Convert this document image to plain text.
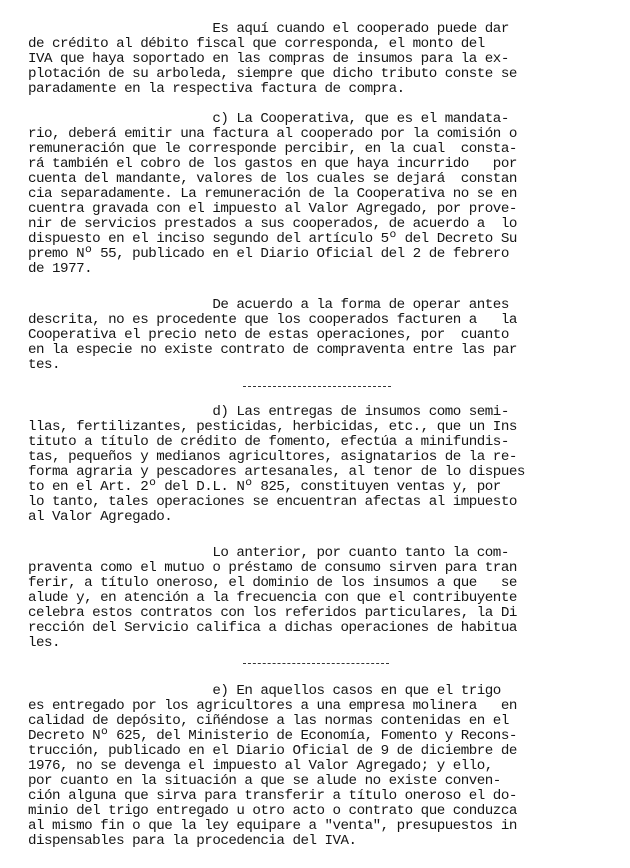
Es aquí cuando el cooperado puede dar
de crédito al débito fiscal que corresponda, el monto del
IVA que haya soportado en las compras de insumos para la ex-
plotación de su arboleda, siempre que dicho tributo conste se
paradamente en la respectiva factura de compra.
c) La Cooperativa, que es el mandata-
rio, deberá emitir una factura al cooperado por la comisión o
remuneración que le corresponde percibir, en la cual  consta-
rá también el cobro de los gastos en que haya incurrido   por
cuenta del mandante, valores de los cuales se dejará  constan
cia separadamente. La remuneración de la Cooperativa no se en
cuentra gravada con el impuesto al Valor Agregado, por prove-
nir de servicios prestados a sus cooperados, de acuerdo a  lo
dispuesto en el inciso segundo del artículo 5º del Decreto Su
premo Nº 55, publicado en el Diario Oficial del 2 de febrero
de 1977.
De acuerdo a la forma de operar antes
descrita, no es procedente que los cooperados facturen a   la
Cooperativa el precio neto de estas operaciones, por  cuanto
en la especie no existe contrato de compraventa entre las par
tes.
d) Las entregas de insumos como semi-
llas, fertilizantes, pesticidas, herbicidas, etc., que un Ins
tituto a título de crédito de fomento, efectúa a minifundis-
tas, pequeños y medianos agricultores, asignatarios de la re-
forma agraria y pescadores artesanales, al tenor de lo dispues
to en el Art. 2º del D.L. Nº 825, constituyen ventas y, por
lo tanto, tales operaciones se encuentran afectas al impuesto
al Valor Agregado.
Lo anterior, por cuanto tanto la com-
praventa como el mutuo o préstamo de consumo sirven para tran
ferir, a título oneroso, el dominio de los insumos a que   se
alude y, en atención a la frecuencia con que el contribuyente
celebra estos contratos con los referidos particulares, la Di
rección del Servicio califica a dichas operaciones de habitua
les.
e) En aquellos casos en que el trigo
es entregado por los agricultores a una empresa molinera   en
calidad de depósito, ciñéndose a las normas contenidas en el
Decreto Nº 625, del Ministerio de Economía, Fomento y Recons-
trucción, publicado en el Diario Oficial de 9 de diciembre de
1976, no se devenga el impuesto al Valor Agregado; y ello,
por cuanto en la situación a que se alude no existe conven-
ción alguna que sirva para transferir a título oneroso el do-
minio del trigo entregado u otro acto o contrato que conduzca
al mismo fin o que la ley equipare a "venta", presupuestos in
dispensables para la procedencia del IVA.
